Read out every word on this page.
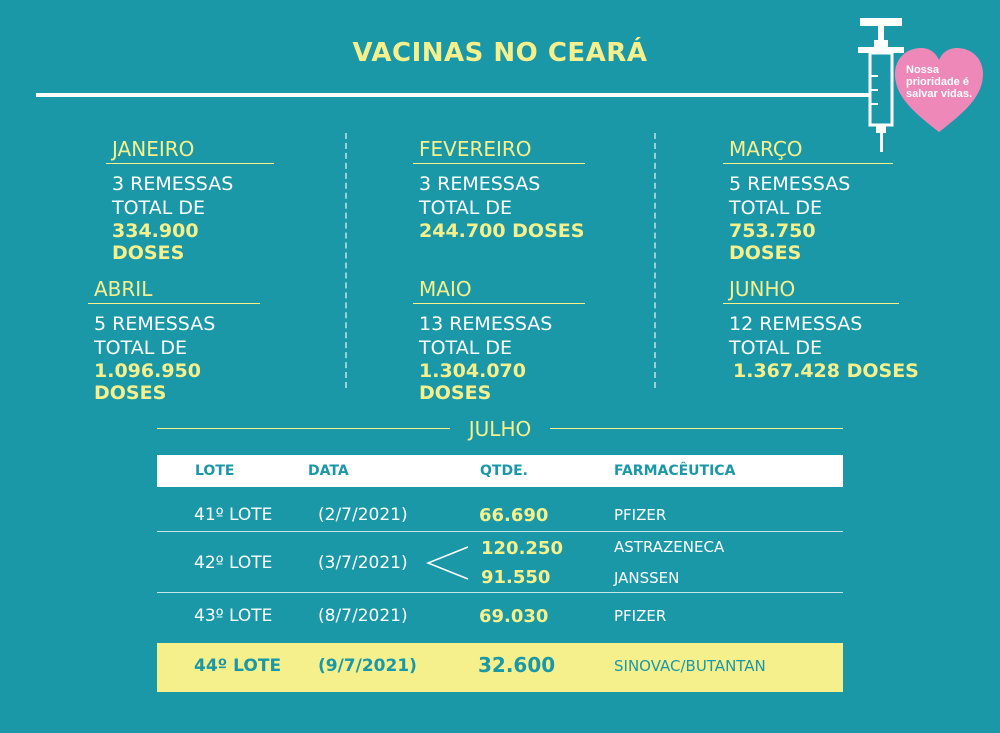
VACINAS NO CEARÁ
Nossa prioridade é salvar vidas.
JANEIRO
3 REMESSAS
TOTAL DE
334.900 DOSES
FEVEREIRO
3 REMESSAS
TOTAL DE
244.700 DOSES
MARÇO
5 REMESSAS
TOTAL DE
753.750 DOSES
ABRIL
5 REMESSAS
TOTAL DE
1.096.950 DOSES
MAIO
13 REMESSAS
TOTAL DE
1.304.070 DOSES
JUNHO
12 REMESSAS
TOTAL DE
1.367.428 DOSES
JULHO
LOTE	DATA	QTDE.	FARMACÊUTICA
41º LOTE	(2/7/2021)	66.690	PFIZER
42º LOTE	(3/7/2021)
120.250	ASTRAZENECA
91.550	JANSSEN
43º LOTE	(8/7/2021)	69.030	PFIZER
44º LOTE (9/7/2021)	32.600	SINOVAC/BUTANTAN
